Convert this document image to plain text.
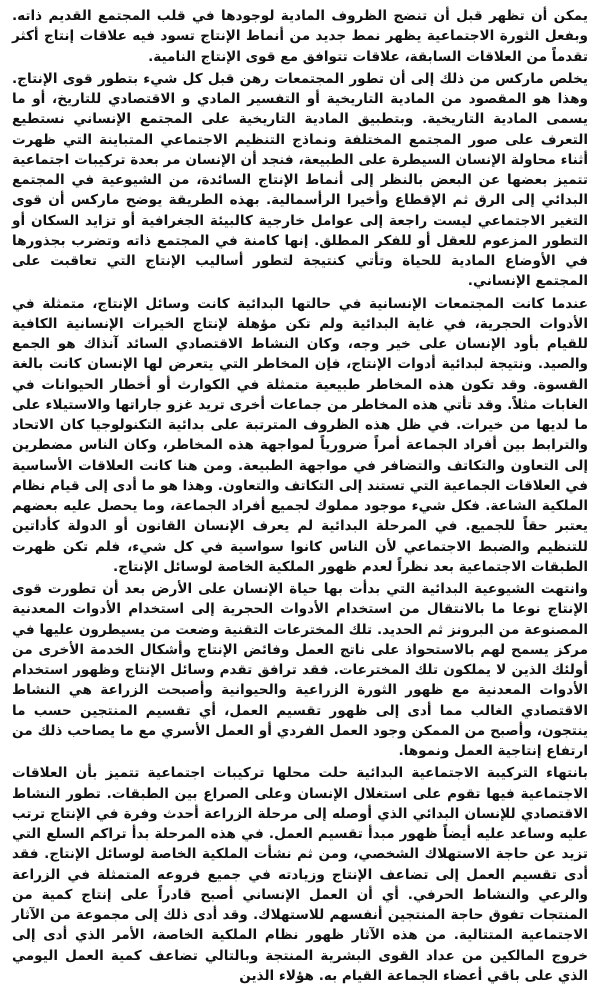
يمكن أن تظهر قبل أن تنضج الظروف المادية لوجودها في قلب المجتمع القديم ذاته. وبفعل الثورة الاجتماعية يظهر نمط جديد من أنماط الإنتاج تسود فيه علاقات إنتاج أكثر تقدماً من العلاقات السابقة، علاقات تتوافق مع قوى الإنتاج النامية.

يخلص ماركس من ذلك إلى أن تطور المجتمعات رهن قبل كل شيء بتطور قوى الإنتاج. وهذا هو المقصود من المادية التاريخية أو التفسير المادي و الاقتصادي للتاريخ، أو ما يسمى المادية التاريخية. وبتطبيق المادية التاريخية على المجتمع الإنساني نستطيع التعرف على صور المجتمع المختلفة ونماذج التنظيم الاجتماعي المتباينة التي ظهرت أثناء محاولة الإنسان السيطرة على الطبيعة، فنجد أن الإنسان مر بعدة تركيبات اجتماعية تتميز بعضها عن البعض بالنظر إلى أنماط الإنتاج السائدة، من الشيوعية في المجتمع البدائي إلى الرق ثم الإقطاع وأخيرا الرأسمالية. بهذه الطريقة يوضح ماركس أن قوى التغير الاجتماعي ليست راجعة إلى عوامل خارجية كالبيئة الجغرافية أو تزايد السكان أو التطور المزعوم للعقل أو للفكر المطلق. إنها كامنة في المجتمع ذاته وتضرب بجذورها في الأوضاع المادية للحياة وتأتي كنتيجة لتطور أساليب الإنتاج التي تعاقبت على المجتمع الإنساني.

عندما كانت المجتمعات الإنسانية في حالتها البدائية كانت وسائل الإنتاج، متمثلة في الأدوات الحجرية، في غاية البدائية ولم تكن مؤهلة لإنتاج الخيرات الإنسانية الكافية للقيام بأود الإنسان على خير وجه، وكان النشاط الاقتصادي السائد آنذاك هو الجمع والصيد. ونتيجة لبدائية أدوات الإنتاج، فإن المخاطر التي يتعرض لها الإنسان كانت بالغة القسوة. وقد تكون هذه المخاطر طبيعية متمثلة في الكوارث أو أخطار الحيوانات في الغابات مثلاً. وقد تأتي هذه المخاطر من جماعات أخرى تريد غزو جاراتها والاستيلاء على ما لديها من خيرات. في ظل هذه الظروف المترتبة على بدائية التكنولوجيا كان الاتحاد والترابط بين أفراد الجماعة أمراً ضرورياً لمواجهة هذه المخاطر، وكان الناس مضطرين إلى التعاون والتكاتف والتضافر في مواجهة الطبيعة. ومن هنا كانت العلاقات الأساسية في العلاقات الجماعية التي تستند إلى التكاتف والتعاون. وهذا هو ما أدى إلى قيام نظام الملكية الشاعة. فكل شيء موجود مملوك لجميع أفراد الجماعة، وما يحصل عليه بعضهم يعتبر حقاً للجميع. في المرحلة البدائية لم يعرف الإنسان القانون أو الدولة كأداتين للتنظيم والضبط الاجتماعي لأن الناس كانوا سواسية في كل شيء، فلم تكن ظهرت الطبقات الاجتماعية بعد نظراً لعدم ظهور الملكية الخاصة لوسائل الإنتاج.

وانتهت الشيوعية البدائية التي بدأت بها حياة الإنسان على الأرض بعد أن تطورت قوى الإنتاج نوعا ما بالانتقال من استخدام الأدوات الحجرية إلى استخدام الأدوات المعدنية المصنوعة من البرونز ثم الحديد. تلك المخترعات التقنية وضعت من يسيطرون عليها في مركز يسمح لهم بالاستحواذ على ناتج العمل وفائض الإنتاج وأشكال الخدمة الأخرى من أولئك الذين لا يملكون تلك المخترعات. فقد ترافق تقدم وسائل الإنتاج وظهور استخدام الأدوات المعدنية مع ظهور الثورة الزراعية والحيوانية وأصبحت الزراعة هي النشاط الاقتصادي الغالب مما أدى إلى ظهور تقسيم العمل، أي تقسيم المنتجين حسب ما ينتجون، وأصبح من الممكن وجود العمل الفردي أو العمل الأسري مع ما يصاحب ذلك من ارتفاع إنتاجية العمل ونموها.

بانتهاء التركيبة الاجتماعية البدائية حلت محلها تركيبات اجتماعية تتميز بأن العلاقات الاجتماعية فيها تقوم على استغلال الإنسان وعلى الصراع بين الطبقات. تطور النشاط الاقتصادي للإنسان البدائي الذي أوصله إلى مرحلة الزراعة أحدث وفرة في الإنتاج ترتب عليه وساعد عليه أيضاً ظهور مبدأ تقسيم العمل. في هذه المرحلة بدأ تراكم السلع التي تزيد عن حاجة الاستهلاك الشخصي، ومن ثم نشأت الملكية الخاصة لوسائل الإنتاج. فقد أدى تقسيم العمل إلى تضاعف الإنتاج وزيادته في جميع فروعه المتمثلة في الزراعة والرعي والنشاط الحرفي. أي أن العمل الإنساني أصبح قادراً على إنتاج كمية من المنتجات تفوق حاجة المنتجين أنفسهم للاستهلاك. وقد أدى ذلك إلى مجموعة من الآثار الاجتماعية المتتالية. من هذه الآثار ظهور نظام الملكية الخاصة، الأمر الذي أدى إلى خروج المالكين من عداد القوى البشرية المنتجة وبالتالي تضاعف كمية العمل اليومي الذي على باقي أعضاء الجماعة القيام به. هؤلاء الذين
